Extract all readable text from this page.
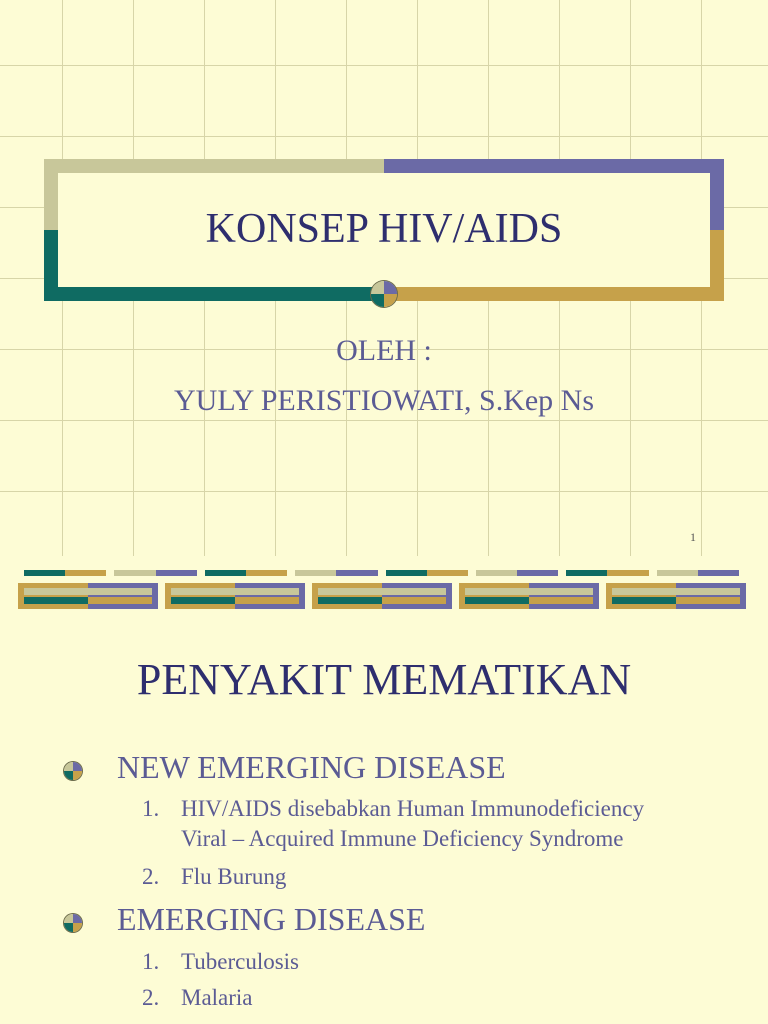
KONSEP HIV/AIDS
OLEH :
YULY PERISTIOWATI, S.Kep Ns
1
PENYAKIT MEMATIKAN
NEW EMERGING DISEASE
1. HIV/AIDS disebabkan Human Immunodeficiency
Viral – Acquired Immune Deficiency Syndrome
2. Flu Burung
EMERGING DISEASE
1. Tuberculosis
2. Malaria
